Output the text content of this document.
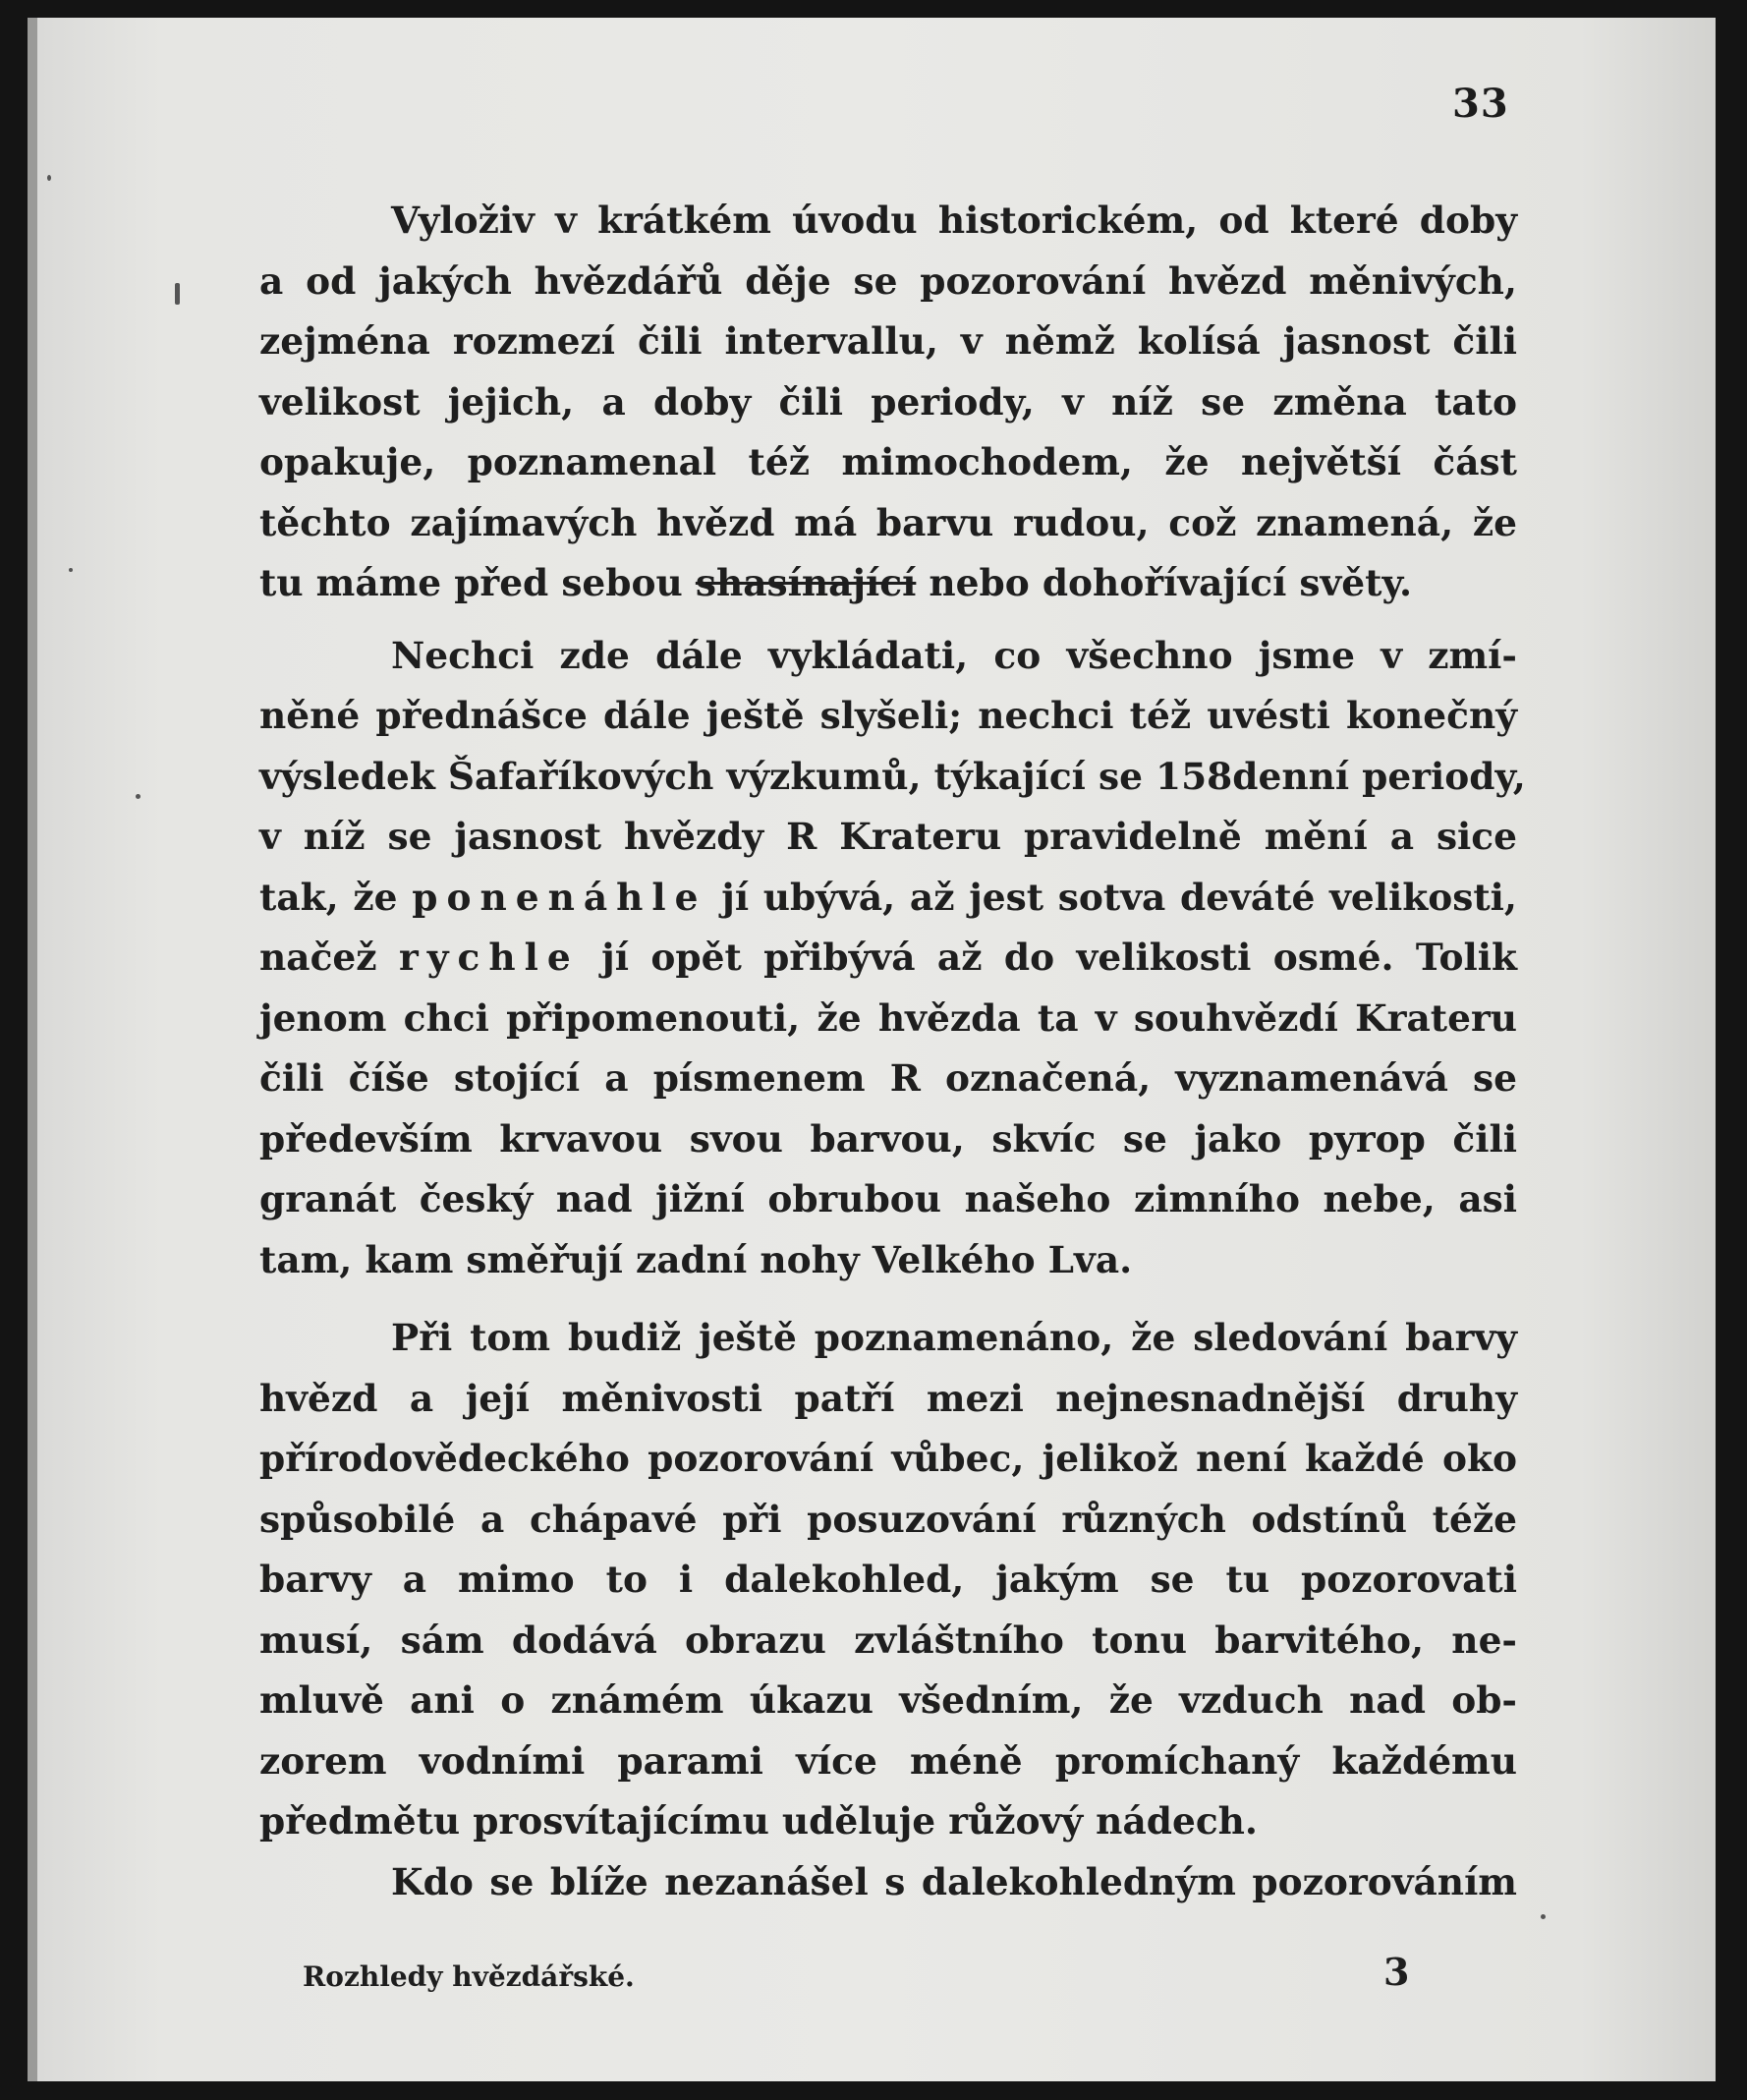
33
Vyloživ v krátkém úvodu historickém, od které doby
a od jakých hvězdářů děje se pozorování hvězd měnivých,
zejména rozmezí čili intervallu, v němž kolísá jasnost čili
velikost jejich, a doby čili periody, v níž se změna tato
opakuje, poznamenal též mimochodem, že největší část
těchto zajímavých hvězd má barvu rudou, což znamená, že
tu máme před sebou shasínající nebo dohořívající světy.
Nechci zde dále vykládati, co všechno jsme v zmí-
něné přednášce dále ještě slyšeli; nechci též uvésti konečný
výsledek Šafaříkových výzkumů, týkající se 158denní periody,
v níž se jasnost hvězdy R Krateru pravidelně mění a sice
tak, že ponenáhle jí ubývá, až jest sotva deváté velikosti,
načež rychle jí opět přibývá až do velikosti osmé. Tolik
jenom chci připomenouti, že hvězda ta v souhvězdí Krateru
čili číše stojící a písmenem R označená, vyznamenává se
především krvavou svou barvou, skvíc se jako pyrop čili
granát český nad jižní obrubou našeho zimního nebe, asi
tam, kam směřují zadní nohy Velkého Lva.
Při tom budiž ještě poznamenáno, že sledování barvy
hvězd a její měnivosti patří mezi nejnesnadnější druhy
přírodovědeckého pozorování vůbec, jelikož není každé oko
spůsobilé a chápavé při posuzování různých odstínů téže
barvy a mimo to i dalekohled, jakým se tu pozorovati
musí, sám dodává obrazu zvláštního tonu barvitého, ne-
mluvě ani o známém úkazu všedním, že vzduch nad ob-
zorem vodními parami více méně promíchaný každému
předmětu prosvítajícímu uděluje růžový nádech.
Kdo se blíže nezanášel s dalekohledným pozorováním
Rozhledy hvězdářské.	3
